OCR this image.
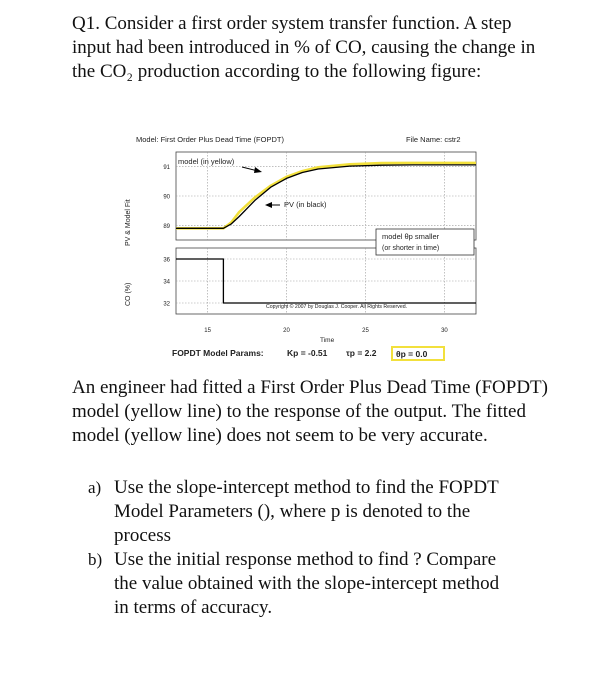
Q1. Consider a first order system transfer function. A step input had been introduced in % of CO, causing the change in the CO₂ production according to the following figure:
Model: First Order Plus Dead Time (FOPDT)	File Name: cstr2
89
90
91
32
34
36
15	20	25	30
PV & Model Fit
CO (%)
model (in yellow)
PV (in black)
model θp smaller
(or shorter in time)
Copyright © 2007 by Douglas J. Cooper. All Rights Reserved.
Time
FOPDT Model Params:	Kp = -0.51 τp = 2.2 θp = 0.0
An engineer had fitted a First Order Plus Dead Time (FOPDT) model (yellow line) to the response of the output. The fitted model (yellow line) does not seem to be very accurate.
a) Use the slope-intercept method to find the FOPDT Model Parameters (), where p is denoted to the process
b) Use the initial response method to find ? Compare the value obtained with the slope-intercept method in terms of accuracy.
